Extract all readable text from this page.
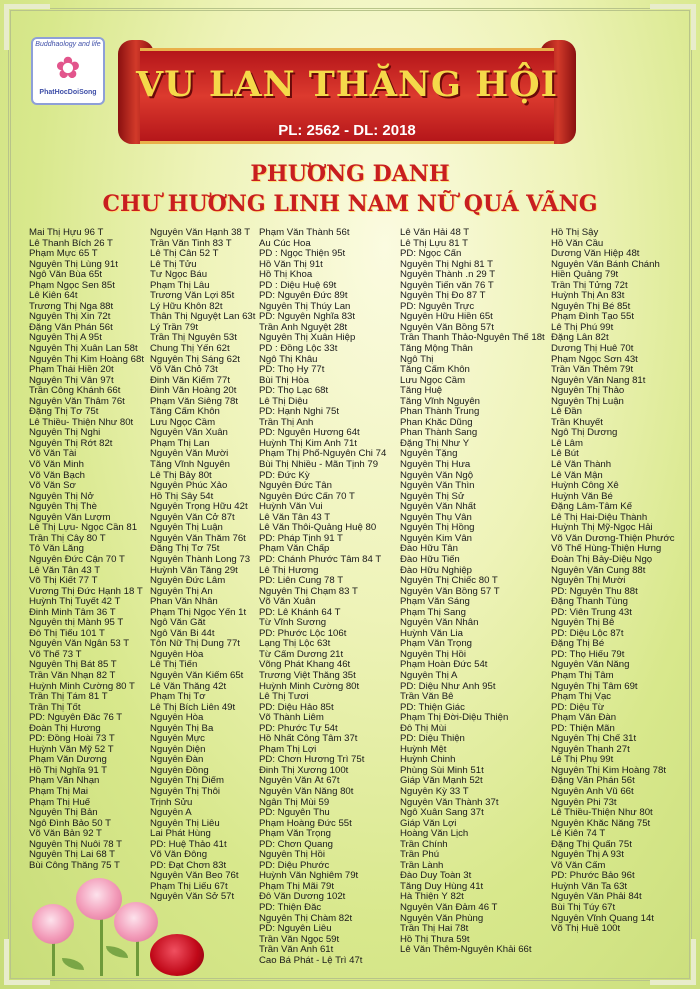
Buddhaology and life
✿
PhatHocDoiSong	VU LAN THĂNG HỘI
PL: 2562 - DL: 2018
PHƯƠNG DANH
CHƯ HƯƠNG LINH NAM NỮ QUÁ VÃNG
Mai Thị Hựu 96 T
Lê Thanh Bích 26 T
Phạm Mực 65 T
Nguyễn Thị Lùng 91t
Ngô Văn Bùa 65t
Phạm Ngọc Sen 85t
Lê Kiên 64t
Trương Thị Nga 88t
Nguyễn Thị Xin 72t
Đặng Văn Phán 56t
Nguyễn Thị A 95t
Nguyễn Thị Xuân Lan 58t
Nguyễn Thị Kim Hoàng 68t
Phạm Thái Hiền 20t
Nguyễn Thị Vân 97t
Trần Công Khánh 66t
Nguyễn Văn Thâm 76t
Đặng Thị Tơ 75t
Lê Thiều- Thiện Như 80t
Nguyễn Thị Nghi
Nguyễn Thị Rớt 82t
Võ Văn Tài
Võ Văn Minh
Võ Văn Bạch
Võ Văn Sơ
Nguyễn Thị Nở
Nguyễn Thị Thè
Nguyễn Văn Lượm
Lê Thị Lựu- Ngọc Cần 81
Trần Thị Cây 80 T
Tô Văn Lăng
Nguyễn Đức Cận 70 T
Lê Văn Tân 43 T
Võ Thị Kiết 77 T
Vương Thị Đức Hạnh 18 T
Huỳnh Thị Tuyết 42 T
Đinh Minh Tâm 36 T
Nguyễn thị Mành 95 T
Đỗ Thị Tiểu 101 T
Nguyễn Văn Ngân 53 T
Võ Thể 73 T
Nguyễn Thị Bát 85 T
Trần Văn Nhạn 82 T
Huỳnh Minh Cường 80 T
Trần Thị Tám 81 T
Trần Thị Tốt
PD: Nguyên Đắc 76 T
Đoàn Thị Hương
PD: Đồng Hoài 73 T
Huỳnh Văn Mỹ 52 T
Phạm Văn Dương
Hồ Thị Nghĩa 91 T
Phạm Văn Nhạn
Phạm Thị Mai
Phạm Thị Huế
Nguyễn Thị Bản
Ngô Đình Bảo 50 T
Võ Văn Bản 92 T
Nguyễn Thị Nuôi 78 T
Nguyễn Thị Lai 68 T
Bùi Công Thắng 75 T
Nguyễn Văn Hạnh 38 T
Trần Văn Tinh 83 T
Lê Thị Cân 52 T
Lê Thị Tửu
Tư Ngọc Báu
Phạm Thị Lẫu
Trương Văn Lợi 85t
Lý Hữu Khôn 82t
Thân Thị Nguyệt Lan 63t
Lý Trần 79t
Trần Thị Nguyên 53t
Chung Thị Yến 62t
Nguyễn Thị Sáng 62t
Võ Văn Chỏ 73t
Đinh Văn Kiểm 77t
Đinh Văn Hoàng 20t
Phạm Văn Siêng 78t
Tăng Cẩm Khôn
Lưu Ngọc Cầm
Nguyễn Văn Xuân
Phạm Thị Lan
Nguyễn Văn Mười
Tăng Vĩnh Nguyên
Lê Thị Bảy 80t
Nguyễn Phúc Xảo
Hồ Thị Sây 54t
Nguyễn Trọng Hữu 42t
Nguyễn Văn Cở 87t
Nguyễn Thị Luận
Nguyễn Văn Thắm 76t
Đặng Thị Tơ 75t
Nguyễn Thành Long 73
Huỳnh Văn Tăng 29t
Nguyễn Đức Lâm
Nguyễn Thị An
Phan Văn Nhân
Phạm Thị Ngọc Yến 1t
Ngô Văn Gắt
Ngô Văn Bi 44t
Tôn Nữ Thị Dung 77t
Nguyễn Hòa
Lê Thị Tiến
Nguyễn Văn Kiểm 65t
Lê Văn Thắng 42t
Phạm Thị Tơ
Lê Thị Bích Liên 49t
Nguyễn Hòa
Nguyễn Thị Ba
Nguyễn Mực
Nguyễn Diện
Nguyễn Đàn
Nguyễn Đồng
Nguyễn Thị Diểm
Nguyễn Thị Thôi
Trịnh Sửu
Nguyễn A
Nguyễn Thị Liễu
Lai Phát Hùng
PD: Huệ Thảo 41t
Võ Văn Đông
PD: Đạt Chơn 83t
Nguyễn Văn Beo 76t
Phạm Thị Liếu 67t
Nguyễn Văn Sở 57t
Phạm Văn Thành 56t
Âu Cúc Hoa
PD : Ngọc Thiện 95t
Hồ Văn Thị 91t
Hồ Thị Khoa
PD : Diệu Huệ 69t
PD: Nguyên Đức 89t
Nguyễn Thị Thúy Lan
PD: Nguyên Nghĩa 83t
Trần Ánh Nguyệt 28t
Nguyễn Thị Xuân Hiệp
PD : Đồng Lộc 33t
Ngô Thị Khâu
PD: Thọ Hy 77t
Bùi Thị Hòa
PD: Thọ Lạc 68t
Lê Thị Diệu
PD: Hạnh Nghi 75t
Trần Thị Anh
PD: Nguyên Hương 64t
Huỳnh Thị Kim Anh 71t
Phạm Thị Phổ-Nguyên Chi 74
Bùi Thị Nhiều - Mãn Tịnh 79
PD: Đức Kỳ
Nguyễn Đức Tân
Nguyễn Đức Cẩn 70 T
Huỳnh Văn Vui
Lê Văn Tân 43 T
Lê Văn Thôi-Quảng Huệ 80
PD: Pháp Tịnh 91 T
Phạm Văn Chấp
PD: Chánh Phước Tâm 84 T
Lê Thị Hương
PD: Liên Cung 78 T
Nguyễn Thị Chạm 83 T
Võ Văn Xuân
PD: Lê Khánh 64 T
Từ Vĩnh Sương
PD: Phước Lộc 106t
Lạng Thị Lộc 63t
Từ Cẩm Dương 21t
Võng Phát Khang 46t
Trương Việt Thắng 35t
Huỳnh Minh Cường 80t
Lê Thị Tươi
PD: Diệu Hảo 85t
Võ Thành Liêm
PD: Phước Tự 54t
Hồ Nhất Công Tâm 37t
Phạm Thị Lợi
PD: Chơn Hương Trì 75t
Đinh Thị Xương 100t
Nguyễn Văn Ất 67t
Nguyễn Văn Nẵng 80t
Ngân Thị Mùi 59
PD: Nguyên Thu
Phạm Hoàng Đức 55t
Phạm Văn Trọng
PD: Chơn Quang
Nguyễn Thị Hồi
PD: Diệu Phước
Huỳnh Văn Nghiêm 79t
Phạm Thị Mãi 79t
Đỗ Văn Dương 102t
PD: Thiện Đắc
Nguyễn Thị Chàm 82t
PD: Nguyên Liễu
Trần Văn Ngọc 59t
Trần Văn Anh 61t
Cao Bá Phát - Lệ Trì 47t
Lê Văn Hải 48 T
Lê Thị Lựu 81 T
PD: Ngọc Cẩn
Nguyễn Thị Nghi 81 T
Nguyễn Thành .n 29 T
Nguyễn Tiến văn 76 T
Nguyễn Thị Đo 87 T
PD: Nguyên Trực
Nguyễn Hữu Hiền 65t
Nguyễn Văn Bồng 57t
Trần Thanh Thảo-Nguyên Thế 18t
Tăng Mộng Thân
Ngô Thị
Tăng Cẩm Khôn
Lưu Ngọc Cầm
Tăng Huệ
Tăng Vĩnh Nguyên
Phan Thành Trung
Phan Khắc Dũng
Phan Thành Sang
Đặng Thị Như Ý
Nguyễn Tặng
Nguyễn Thị Hưa
Nguyễn Văn Ngộ
Nguyễn Văn Thìn
Nguyễn Thị Sử
Nguyễn Văn Nhất
Nguyễn Thụ Vân
Nguyễn Thị Hồng
Nguyễn Kim Vân
Đào Hữu Tân
Đào Hữu Tiến
Đào Hữu Nghiệp
Nguyễn Thị Chiếc 80 T
Nguyễn Văn Bồng 57 T
Phạm Văn Sáng
Phạm Thị Sang
Nguyễn Văn Nhân
Huỳnh Văn Lia
Phạm Văn Trọng
Nguyễn Thị Hồi
Phạm Hoàn Đức 54t
Nguyễn Thị A
PD: Diệu Như Ánh 95t
Trần Văn Bê
PD: Thiện Giác
Phạm Thị Đời-Diệu Thiện
Đỗ Thị Mùi
PD: Diệu Thiện
Huỳnh Mệt
Huỳnh Chinh
Phùng Sùi Minh 51t
Giáp Văn Mạnh 52t
Nguyễn Kỳ 33 T
Nguyễn Văn Thành 37t
Ngô Xuân Sang 37t
Giáp Văn Lợi
Hoàng Văn Lịch
Trần Chính
Trần Phú
Trần Lành
Đào Duy Toàn 3t
Tăng Duy Hùng 41t
Hà Thiện Ý 82t
Nguyễn Văn Đảm 46 T
Nguyễn Văn Phùng
Trần Thị Hai 78t
Hồ Thị Thưa 59t
Lê Văn Thêm-Nguyên Khải 66t
Hồ Thị Sậy
Hồ Văn Cầu
Dương Văn Hiệp 48t
Nguyễn Văn Bánh Chánh
Hiền Quảng 79t
Trần Thị Tửng 72t
Huỳnh Thị An 83t
Nguyễn Thị Bé 85t
Phạm Đình Tạo 55t
Lê Thị Phú 99t
Đặng Lân 82t
Dương Thị Huê 70t
Phạm Ngọc Sơn 43t
Trần Văn Thêm 79t
Nguyễn Văn Nang 81t
Nguyễn Thị Thảo
Nguyễn Thị Luận
Lê Đần
Trần Khuyết
Ngô Thị Dương
Lê Lâm
Lê Bút
Lê Văn Thành
Lê Văn Mận
Huỳnh Công Xê
Huỳnh Văn Bé
Đặng Lâm-Tâm Kế
Lê Thị Hai-Diệu Thành
Huỳnh Thị Mỹ-Ngọc Hải
Võ Văn Dương-Thiện Phước
Võ Thể Hùng-Thiện Hưng
Đoàn Thị Bảy-Diệu Ngọ
Nguyễn Văn Cung 88t
Nguyễn Thị Mười
PD: Nguyên Thu 88t
Đặng Thanh Tùng
PD: Viên Trung 43t
Nguyễn Thị Bê
PD: Diệu Lộc 87t
Đặng Thị Bé
PD: Thọ Hiếu 79t
Nguyễn Văn Nẵng
Phạm Thị Tâm
Nguyễn Thị Tâm 69t
Phạm Thị Vạc
PD: Diệu Từ
Phạm Văn Đàn
PD: Thiện Mãn
Nguyễn Thị Chế 31t
Nguyễn Thanh 27t
Lê Thị Phụ 99t
Nguyễn Thị Kim Hoàng 78t
Đặng Văn Phán 56t
Nguyễn Anh Vũ 66t
Nguyễn Phi 73t
Lê Thiều-Thiện Như 80t
Nguyễn Khắc Nẵng 75t
Lê Kiên 74 T
Đặng Thị Quẩn 75t
Nguyễn Thị A 93t
Võ Văn Cẩm
PD: Phước Bảo 96t
Huỳnh Văn Ta 63t
Nguyễn Văn Phải 84t
Bùi Thị Túy 67t
Nguyễn Vĩnh Quang 14t
Võ Thị Huề 100t
